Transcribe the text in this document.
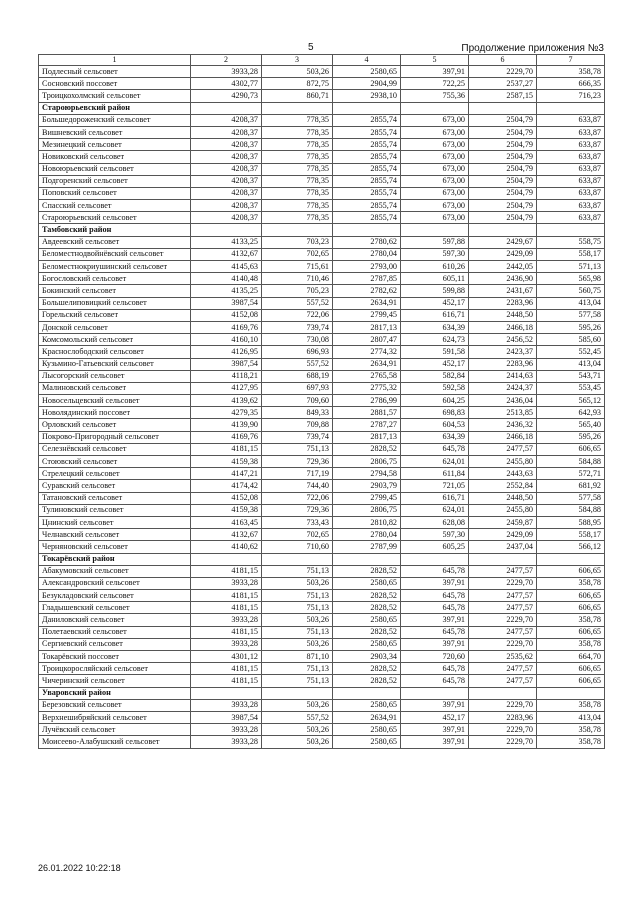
5	Продолжение приложения №3
1	2	3	4	5	6	7
Подлесный сельсовет	3933,28	503,26	2580,65	397,91	2229,70	358,78
Сосновский поссовет	4302,77	872,75	2904,99	722,25	2537,27	666,35
Троицкохолмский сельсовет	4290,73	860,71	2938,10	755,36	2587,15	716,23
Староюрьевский район						
Большедороженский сельсовет	4208,37	778,35	2855,74	673,00	2504,79	633,87
Вишневский сельсовет	4208,37	778,35	2855,74	673,00	2504,79	633,87
Мезинецкий сельсовет	4208,37	778,35	2855,74	673,00	2504,79	633,87
Новиковский сельсовет	4208,37	778,35	2855,74	673,00	2504,79	633,87
Новоюрьевский сельсовет	4208,37	778,35	2855,74	673,00	2504,79	633,87
Подгоренский сельсовет	4208,37	778,35	2855,74	673,00	2504,79	633,87
Поповский сельсовет	4208,37	778,35	2855,74	673,00	2504,79	633,87
Спасский сельсовет	4208,37	778,35	2855,74	673,00	2504,79	633,87
Староюрьевский сельсовет	4208,37	778,35	2855,74	673,00	2504,79	633,87
Тамбовский район						
Авдеевский сельсовет	4133,25	703,23	2780,62	597,88	2429,67	558,75
Беломестнодвойнёвский сельсовет	4132,67	702,65	2780,04	597,30	2429,09	558,17
Беломестнокриушинский сельсовет	4145,63	715,61	2793,00	610,26	2442,05	571,13
Богословский сельсовет	4140,48	710,46	2787,85	605,11	2436,90	565,98
Бокинский сельсовет	4135,25	705,23	2782,62	599,88	2431,67	560,75
Большелиповицкий сельсовет	3987,54	557,52	2634,91	452,17	2283,96	413,04
Горельский сельсовет	4152,08	722,06	2799,45	616,71	2448,50	577,58
Донской сельсовет	4169,76	739,74	2817,13	634,39	2466,18	595,26
Комсомольский сельсовет	4160,10	730,08	2807,47	624,73	2456,52	585,60
Краснослободский сельсовет	4126,95	696,93	2774,32	591,58	2423,37	552,45
Кузьмино-Гатьевский сельсовет	3987,54	557,52	2634,91	452,17	2283,96	413,04
Лысогорский сельсовет	4118,21	688,19	2765,58	582,84	2414,63	543,71
Малиновский сельсовет	4127,95	697,93	2775,32	592,58	2424,37	553,45
Новосельцевский сельсовет	4139,62	709,60	2786,99	604,25	2436,04	565,12
Новолядинский поссовет	4279,35	849,33	2881,57	698,83	2513,85	642,93
Орловский сельсовет	4139,90	709,88	2787,27	604,53	2436,32	565,40
Покрово-Пригородный сельсовет	4169,76	739,74	2817,13	634,39	2466,18	595,26
Селезнёвский сельсовет	4181,15	751,13	2828,52	645,78	2477,57	606,65
Стоювский сельсовет	4159,38	729,36	2806,75	624,01	2455,80	584,88
Стрелецкий сельсовет	4147,21	717,19	2794,58	611,84	2443,63	572,71
Суравский сельсовет	4174,42	744,40	2903,79	721,05	2552,84	681,92
Татановский сельсовет	4152,08	722,06	2799,45	616,71	2448,50	577,58
Тулиновский сельсовет	4159,38	729,36	2806,75	624,01	2455,80	584,88
Цнинский сельсовет	4163,45	733,43	2810,82	628,08	2459,87	588,95
Челнавский сельсовет	4132,67	702,65	2780,04	597,30	2429,09	558,17
Черняновский сельсовет	4140,62	710,60	2787,99	605,25	2437,04	566,12
Токарёвский район						
Абакумовский сельсовет	4181,15	751,13	2828,52	645,78	2477,57	606,65
Александровский сельсовет	3933,28	503,26	2580,65	397,91	2229,70	358,78
Безукладовский сельсовет	4181,15	751,13	2828,52	645,78	2477,57	606,65
Гладышевский сельсовет	4181,15	751,13	2828,52	645,78	2477,57	606,65
Даниловский сельсовет	3933,28	503,26	2580,65	397,91	2229,70	358,78
Полетаевский сельсовет	4181,15	751,13	2828,52	645,78	2477,57	606,65
Сергиевский сельсовет	3933,28	503,26	2580,65	397,91	2229,70	358,78
Токарёвский поссовет	4301,12	871,10	2903,34	720,60	2535,62	664,70
Троицкоросляйский сельсовет	4181,15	751,13	2828,52	645,78	2477,57	606,65
Чичеринский сельсовет	4181,15	751,13	2828,52	645,78	2477,57	606,65
Уваровский район						
Березовский сельсовет	3933,28	503,26	2580,65	397,91	2229,70	358,78
Верхнешибряйский сельсовет	3987,54	557,52	2634,91	452,17	2283,96	413,04
Лучёвский сельсовет	3933,28	503,26	2580,65	397,91	2229,70	358,78
Моисеево-Алабушский сельсовет	3933,28	503,26	2580,65	397,91	2229,70	358,78
26.01.2022 10:22:18
